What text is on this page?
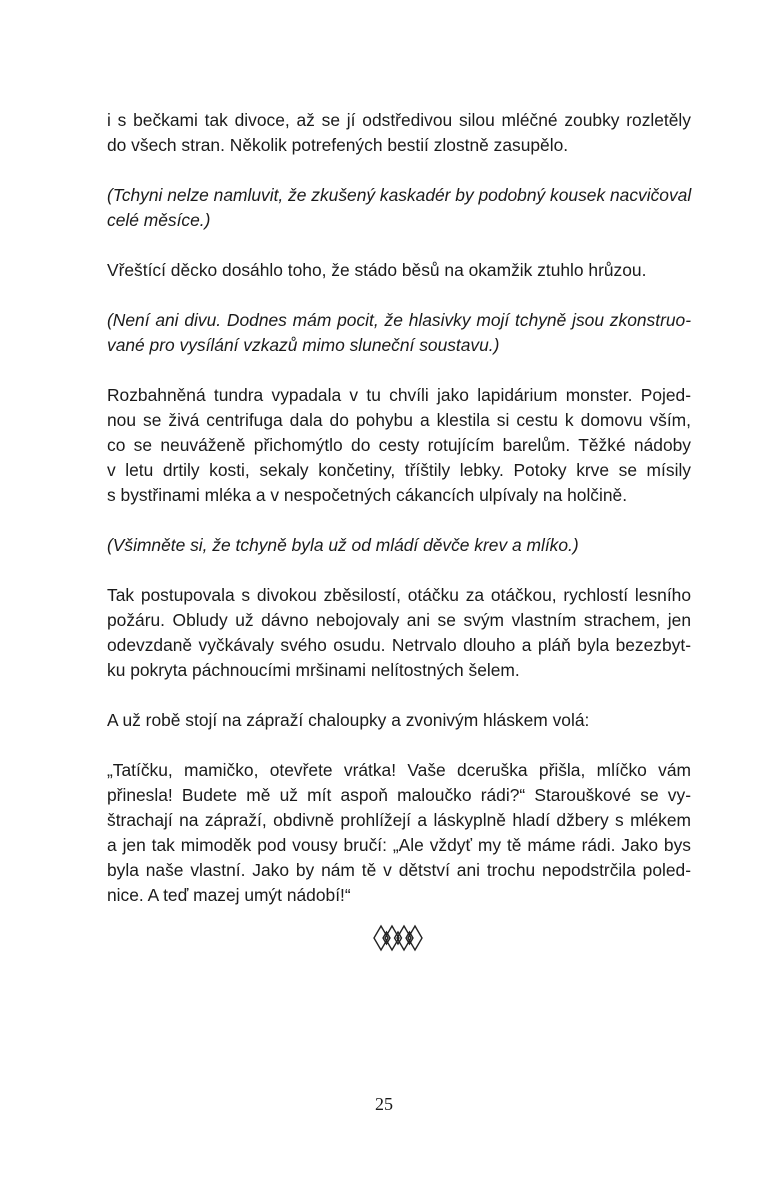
i s bečkami tak divoce, až se jí odstředivou silou mléčné zoubky rozletěly
do všech stran. Několik potrefených bestií zlostně zasupělo.

(Tchyni nelze namluvit, že zkušený kaskadér by podobný kousek nacvičoval
celé měsíce.)

Vřeštící děcko dosáhlo toho, že stádo běsů na okamžik ztuhlo hrůzou.

(Není ani divu. Dodnes mám pocit, že hlasivky mojí tchyně jsou zkonstruo-
vané pro vysílání vzkazů mimo sluneční soustavu.)

Rozbahněná tundra vypadala v tu chvíli jako lapidárium monster. Pojed-
nou se živá centrifuga dala do pohybu a klestila si cestu k domovu vším,
co se neuváženě přichomýtlo do cesty rotujícím barelům. Těžké nádoby
v letu drtily kosti, sekaly končetiny, tříštily lebky. Potoky krve se mísily
s bystřinami mléka a v nespočetných cákancích ulpívaly na holčině.

(Všimněte si, že tchyně byla už od mládí děvče krev a mlíko.)

Tak postupovala s divokou zběsilostí, otáčku za otáčkou, rychlostí lesního
požáru. Obludy už dávno nebojovaly ani se svým vlastním strachem, jen
odevzdaně vyčkávaly svého osudu. Netrvalo dlouho a pláň byla bezezbyt-
ku pokryta páchnoucími mršinami nelítostných šelem.

A už robě stojí na zápraží chaloupky a zvonivým hláskem volá:

„Tatíčku, mamičko, otevřete vrátka! Vaše dceruška přišla, mlíčko vám
přinesla! Budete mě už mít aspoň maloučko rádi?“ Starouškové se vy-
štrachají na zápraží, obdivně prohlížejí a láskyplně hladí džbery s mlékem
a jen tak mimoděk pod vousy bručí: „Ale vždyť my tě máme rádi. Jako bys
byla naše vlastní. Jako by nám tě v dětství ani trochu nepodstrčila poled-
nice. A teď mazej umýt nádobí!“

25
